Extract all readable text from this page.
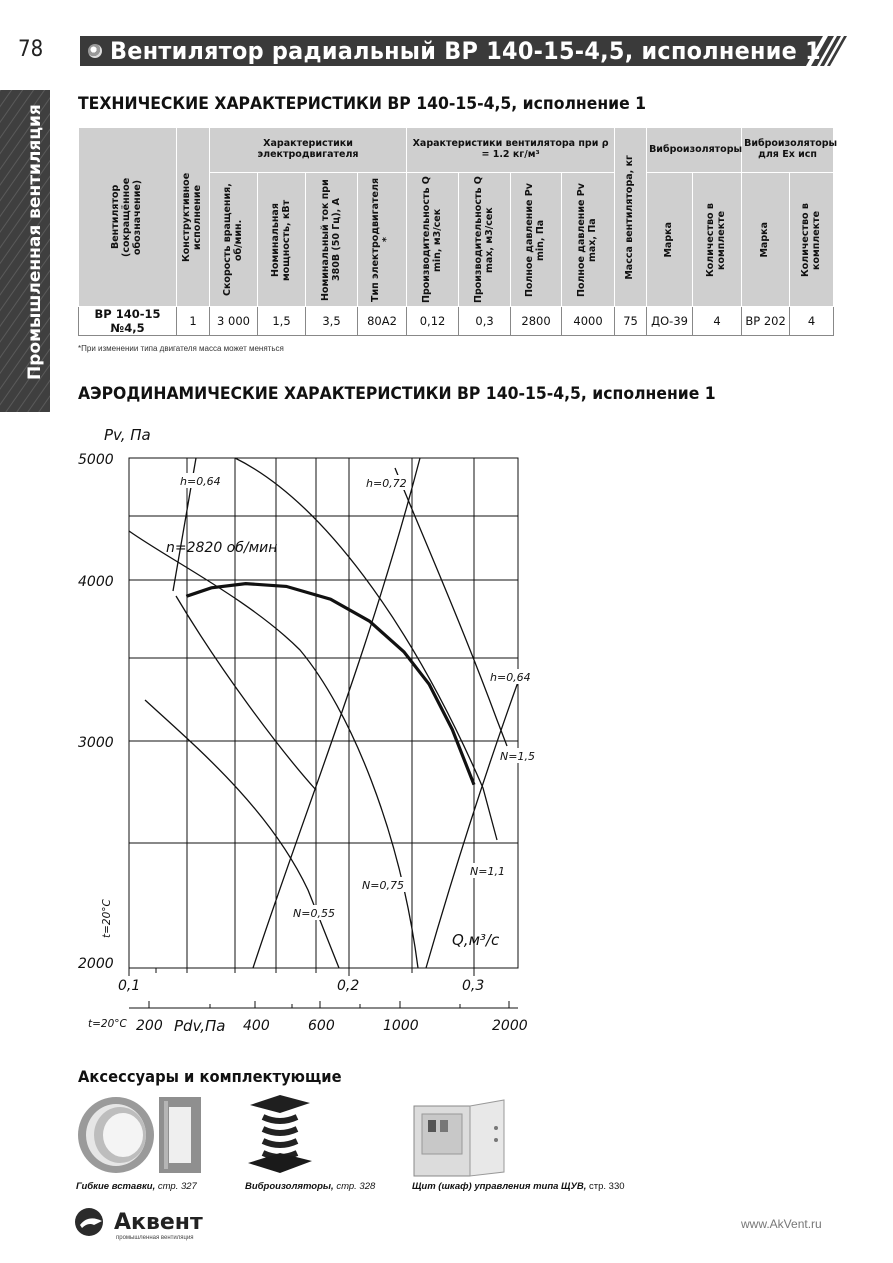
78	Вентилятор радиальный ВР 140-15-4,5, исполнение 1
Промышленная вентиляция
ТЕХНИЧЕСКИЕ ХАРАКТЕРИСТИКИ ВР 140-15-4,5, исполнение 1
Вентилятор (сокращённое обозначение)	Конструктивное исполнение	Характеристики электродвигателя				Характеристики вентилятора при ρ = 1.2 кг/м³				Масса вентилятора, кг	Виброизоляторы		Виброизоляторы для Ex исп	

		Скорость вращения, об/мин.	Номинальная мощность, кВт	Номинальный ток при 380В (50 Гц), А	Тип электродвигателя *	Производительность Q min, м3/сек	Производительность Q max, м3/сек	Полное давление Pv min, Па	Полное давление Pv max, Па		Марка	Количество в комплекте	Марка	Количество в комплекте

ВР 140-15 №4,5	1	3 000	1,5	3,5	80А2	0,12	0,3	2800	4000	75	ДО-39	4	ВР 202	4
*При изменении типа двигателя масса может меняться
АЭРОДИНАМИЧЕСКИЕ ХАРАКТЕРИСТИКИ ВР 140-15-4,5, исполнение 1
Pv, Па
5000
4000
3000
2000
t=20°C
0,1	0,2	0,3
Q,м³/с
t=20°C 200 Pdv,Па 400	600	1000	2000
n=2820 об/мин
h=0,64	h=0,72
h=0,64
N=1,5
N=1,1
N=0,75
N=0,55
Аксессуары и комплектующие
Гибкие вставки, стр. 327	Виброизоляторы, стр. 328	Щит (шкаф) управления типа ЩУВ, стр. 330
Аквент
промышленная вентиляция
www.AkVent.ru
